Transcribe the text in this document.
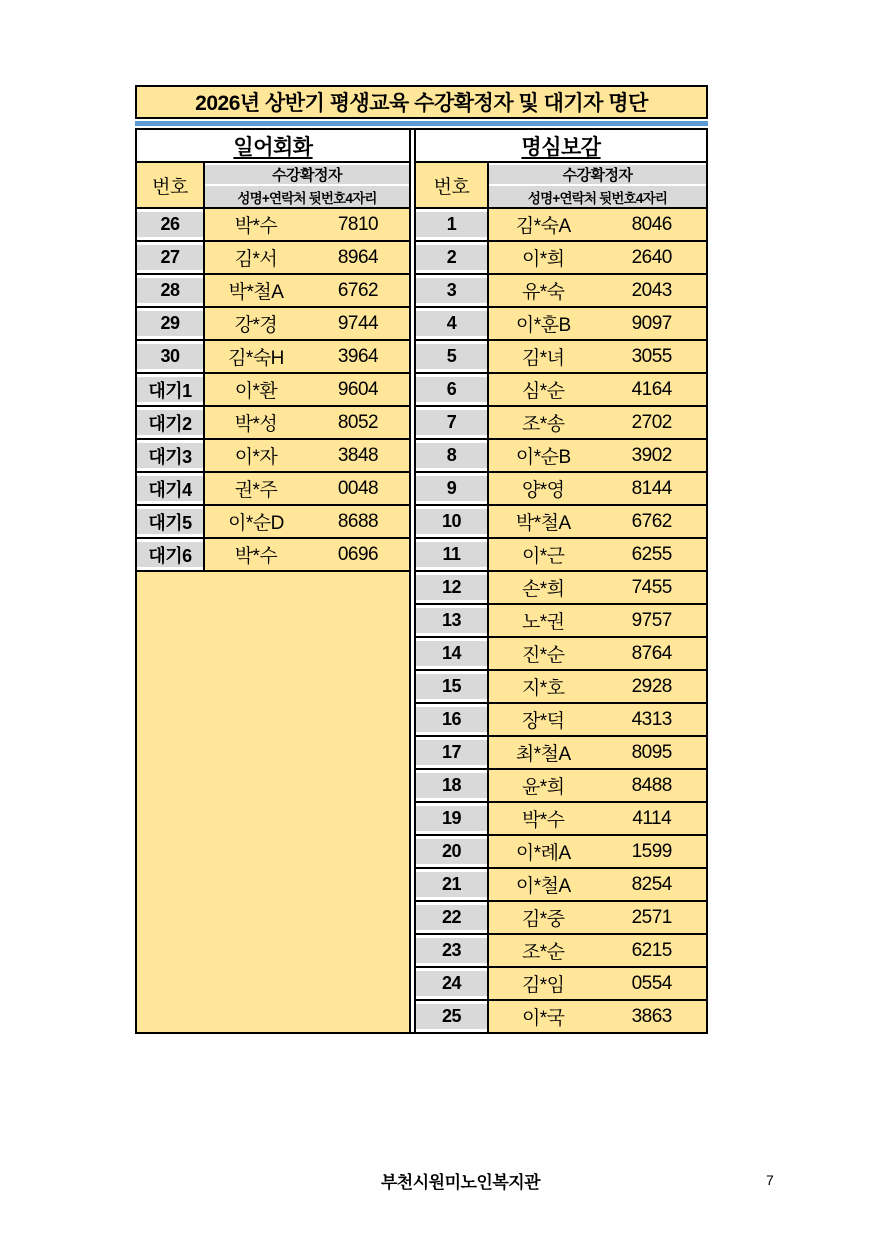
2026년 상반기 평생교육 수강확정자 및 대기자 명단
일어회화
번호
수강확정자
성명+연락처 뒷번호4자리
26	박*수	7810
27	김*서	8964
28	박*철A	6762
29	강*경	9744
30	김*숙H	3964
대기1	이*환	9604
대기2	박*성	8052
대기3	이*자	3848
대기4	권*주	0048
대기5	이*순D	8688
대기6	박*수	0696
명심보감
번호
수강확정자
성명+연락처 뒷번호4자리
1	김*숙A	8046
2	이*희	2640
3	유*숙	2043
4	이*훈B	9097
5	김*녀	3055
6	심*순	4164
7	조*송	2702
8	이*순B	3902
9	양*영	8144
10	박*철A	6762
11	이*근	6255
12	손*희	7455
13	노*권	9757
14	진*순	8764
15	지*호	2928
16	장*덕	4313
17	최*철A	8095
18	윤*희	8488
19	박*수	4114
20	이*례A	1599
21	이*철A	8254
22	김*중	2571
23	조*순	6215
24	김*임	0554
25	이*국	3863
부천시원미노인복지관	7
